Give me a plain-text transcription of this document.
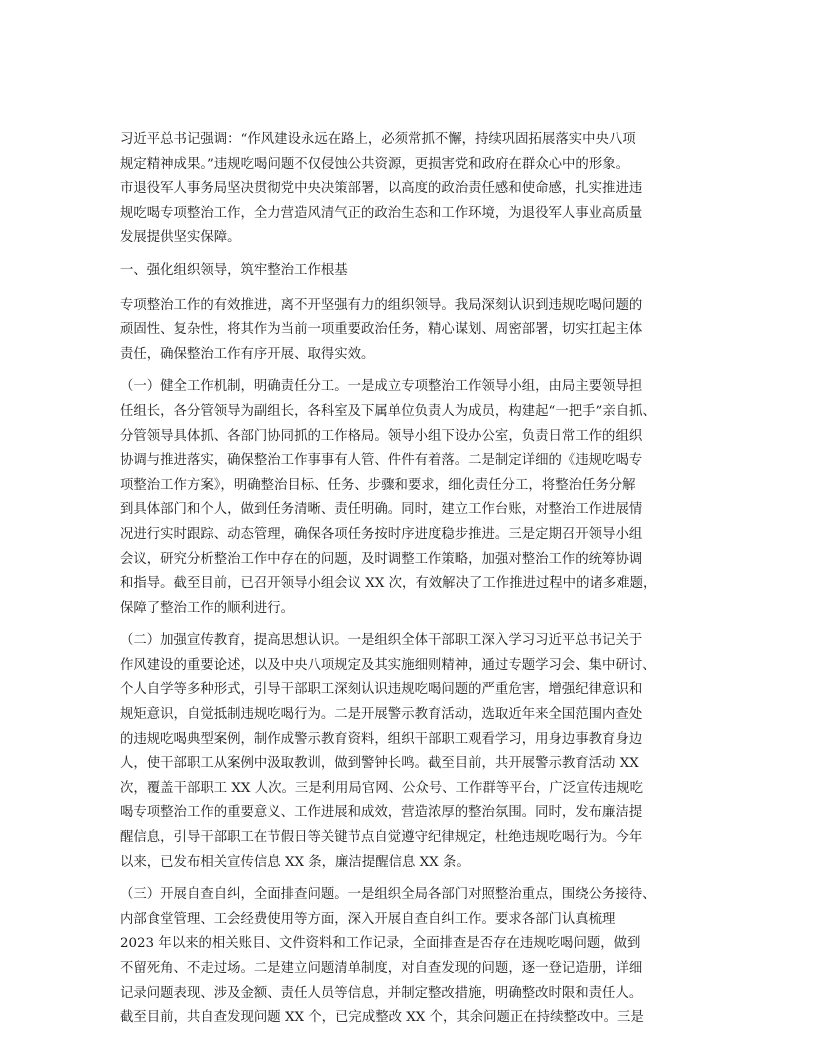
习近平总书记强调：“作风建设永远在路上，必须常抓不懈，持续巩固拓展落实中央八项
规定精神成果。”违规吃喝问题不仅侵蚀公共资源，更损害党和政府在群众心中的形象。
市退役军人事务局坚决贯彻党中央决策部署，以高度的政治责任感和使命感，扎实推进违
规吃喝专项整治工作，全力营造风清气正的政治生态和工作环境，为退役军人事业高质量
发展提供坚实保障。
一、强化组织领导，筑牢整治工作根基
专项整治工作的有效推进，离不开坚强有力的组织领导。我局深刻认识到违规吃喝问题的
顽固性、复杂性，将其作为当前一项重要政治任务，精心谋划、周密部署，切实扛起主体
责任，确保整治工作有序开展、取得实效。
（一）健全工作机制，明确责任分工。一是成立专项整治工作领导小组，由局主要领导担
任组长，各分管领导为副组长，各科室及下属单位负责人为成员，构建起“一把手”亲自抓、
分管领导具体抓、各部门协同抓的工作格局。领导小组下设办公室，负责日常工作的组织
协调与推进落实，确保整治工作事事有人管、件件有着落。二是制定详细的《违规吃喝专
项整治工作方案》，明确整治目标、任务、步骤和要求，细化责任分工，将整治任务分解
到具体部门和个人，做到任务清晰、责任明确。同时，建立工作台账，对整治工作进展情
况进行实时跟踪、动态管理，确保各项任务按时序进度稳步推进。三是定期召开领导小组
会议，研究分析整治工作中存在的问题，及时调整工作策略，加强对整治工作的统筹协调
和指导。截至目前，已召开领导小组会议 XX 次，有效解决了工作推进过程中的诸多难题，
保障了整治工作的顺利进行。
（二）加强宣传教育，提高思想认识。一是组织全体干部职工深入学习习近平总书记关于
作风建设的重要论述，以及中央八项规定及其实施细则精神，通过专题学习会、集中研讨、
个人自学等多种形式，引导干部职工深刻认识违规吃喝问题的严重危害，增强纪律意识和
规矩意识，自觉抵制违规吃喝行为。二是开展警示教育活动，选取近年来全国范围内查处
的违规吃喝典型案例，制作成警示教育资料，组织干部职工观看学习，用身边事教育身边
人，使干部职工从案例中汲取教训，做到警钟长鸣。截至目前，共开展警示教育活动 XX
次，覆盖干部职工 XX 人次。三是利用局官网、公众号、工作群等平台，广泛宣传违规吃
喝专项整治工作的重要意义、工作进展和成效，营造浓厚的整治氛围。同时，发布廉洁提
醒信息，引导干部职工在节假日等关键节点自觉遵守纪律规定，杜绝违规吃喝行为。今年
以来，已发布相关宣传信息 XX 条，廉洁提醒信息 XX 条。
（三）开展自查自纠，全面排查问题。一是组织全局各部门对照整治重点，围绕公务接待、
内部食堂管理、工会经费使用等方面，深入开展自查自纠工作。要求各部门认真梳理
2023 年以来的相关账目、文件资料和工作记录，全面排查是否存在违规吃喝问题，做到
不留死角、不走过场。二是建立问题清单制度，对自查发现的问题，逐一登记造册，详细
记录问题表现、涉及金额、责任人员等信息，并制定整改措施，明确整改时限和责任人。
截至目前，共自查发现问题 XX 个，已完成整改 XX 个，其余问题正在持续整改中。三是
